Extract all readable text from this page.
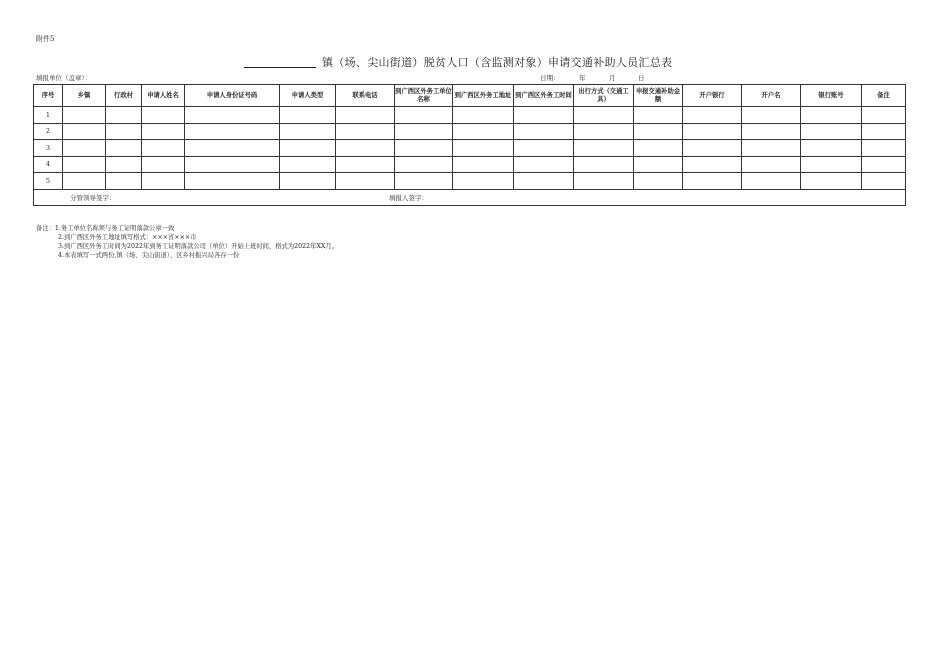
附件5
镇（场、尖山街道）脱贫人口（含监测对象）申请交通补助人员汇总表
填报单位（盖章）：	日期：	年	月	日
序号	乡镇	行政村	申请人姓名	申请人身份证号码	申请人类型	联系电话	到广西区外务工单位名称	到广西区外务工地址	到广西区外务工时间	出行方式（交通工具）	申报交通补助金额	开户银行	开户名	银行账号	备注
1															
2															
3															
4															
5															
分管领导签字： 填报人签字：															
备注：1.务工单位名称须与务工证明落款公章一致
2.到广西区外务工地址填写格式：×××省×××市
3.到广西区外务工时间为2022年到务工证明落款公司（单位）开始上班时间，格式为2022年XX月。
4.本表填写一式两份,镇（场、尖山街道）、区乡村振兴局各存一份
